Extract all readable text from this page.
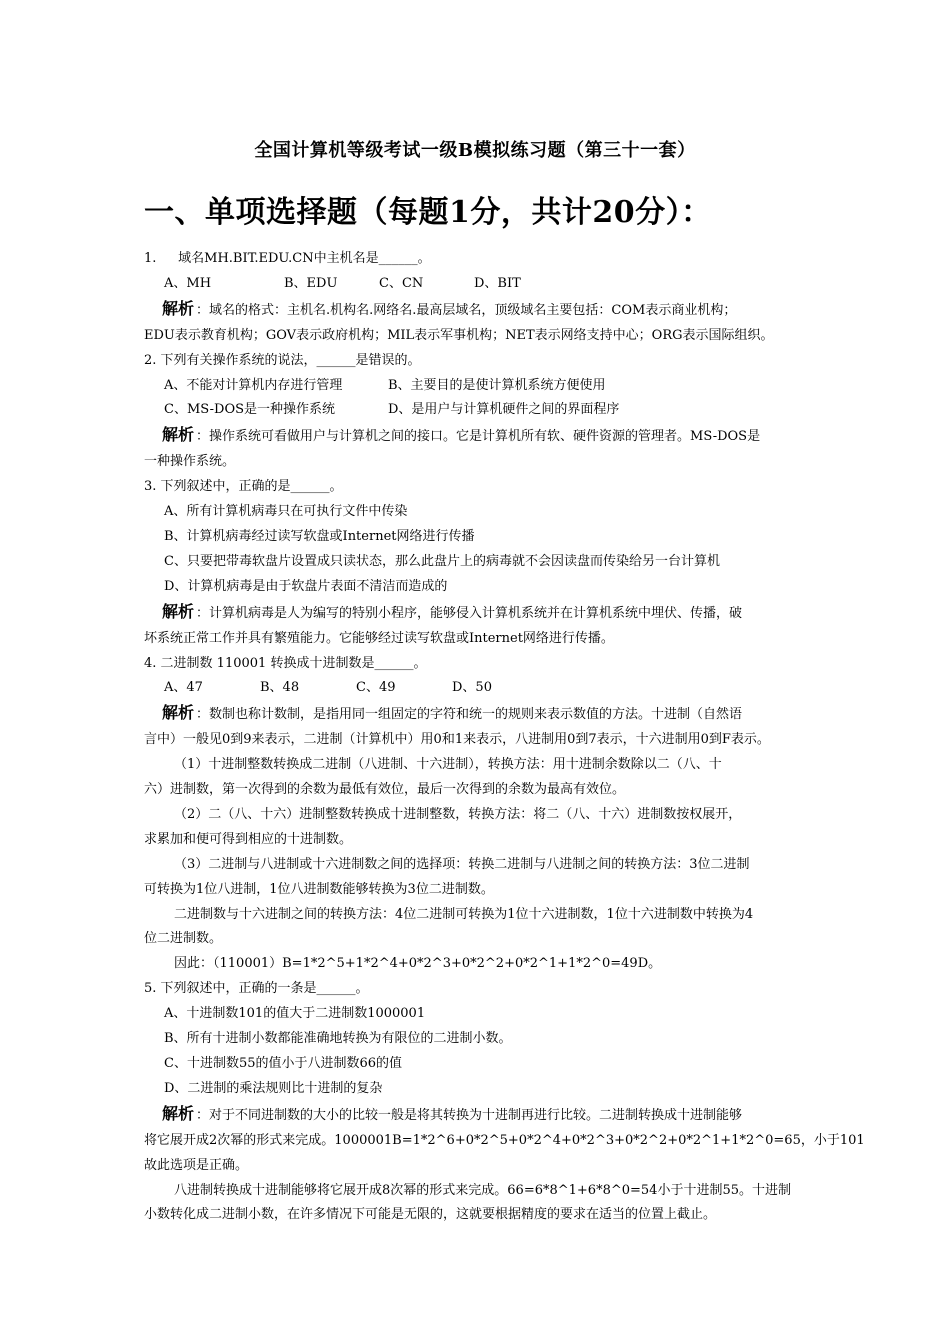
全国计算机等级考试一级B模拟练习题（第三十一套）
一、单项选择题（每题1分，共计20分）：
1. 域名MH.BIT.EDU.CN中主机名是______。
A、MH	B、EDU	C、CN	D、BIT
解析 ：域名的格式：主机名.机构名.网络名.最高层域名，顶级域名主要包括：COM表示商业机构；
EDU表示教育机构；GOV表示政府机构；MIL表示军事机构；NET表示网络支持中心；ORG表示国际组织。
2. 下列有关操作系统的说法，______是错误的。
A、不能对计算机内存进行管理	B、主要目的是使计算机系统方便使用
C、MS-DOS是一种操作系统	D、是用户与计算机硬件之间的界面程序
解析 ：操作系统可看做用户与计算机之间的接口。它是计算机所有软、硬件资源的管理者。MS-DOS是
一种操作系统。
3. 下列叙述中，正确的是______。
A、所有计算机病毒只在可执行文件中传染
B、计算机病毒经过读写软盘或Internet网络进行传播
C、只要把带毒软盘片设置成只读状态，那么此盘片上的病毒就不会因读盘而传染给另一台计算机
D、计算机病毒是由于软盘片表面不清洁而造成的
解析 ：计算机病毒是人为编写的特别小程序，能够侵入计算机系统并在计算机系统中埋伏、传播，破
坏系统正常工作并具有繁殖能力。它能够经过读写软盘或Internet网络进行传播。
4. 二进制数 110001 转换成十进制数是______。
A、47	B、48	C、49	D、50
解析 ：数制也称计数制，是指用同一组固定的字符和统一的规则来表示数值的方法。十进制（自然语
言中）一般见0到9来表示，二进制（计算机中）用0和1来表示，八进制用0到7表示，十六进制用0到F表示。
（1）十进制整数转换成二进制（八进制、十六进制），转换方法：用十进制余数除以二（八、十
六）进制数，第一次得到的余数为最低有效位，最后一次得到的余数为最高有效位。
（2）二（八、十六）进制整数转换成十进制整数，转换方法：将二（八、十六）进制数按权展开，
求累加和便可得到相应的十进制数。
（3）二进制与八进制或十六进制数之间的选择项：转换二进制与八进制之间的转换方法：3位二进制
可转换为1位八进制，1位八进制数能够转换为3位二进制数。
二进制数与十六进制之间的转换方法：4位二进制可转换为1位十六进制数，1位十六进制数中转换为4
位二进制数。
因此：（110001）B=1*2^5+1*2^4+0*2^3+0*2^2+0*2^1+1*2^0=49D。
5. 下列叙述中，正确的一条是______。
A、十进制数101的值大于二进制数1000001
B、所有十进制小数都能准确地转换为有限位的二进制小数。
C、十进制数55的值小于八进制数66的值
D、二进制的乘法规则比十进制的复杂
解析 ：对于不同进制数的大小的比较一般是将其转换为十进制再进行比较。二进制转换成十进制能够
将它展开成2次幂的形式来完成。1000001B=1*2^6+0*2^5+0*2^4+0*2^3+0*2^2+0*2^1+1*2^0=65，小于101
故此选项是正确。
八进制转换成十进制能够将它展开成8次幂的形式来完成。66=6*8^1+6*8^0=54小于十进制55。十进制
小数转化成二进制小数，在许多情况下可能是无限的，这就要根据精度的要求在适当的位置上截止。
